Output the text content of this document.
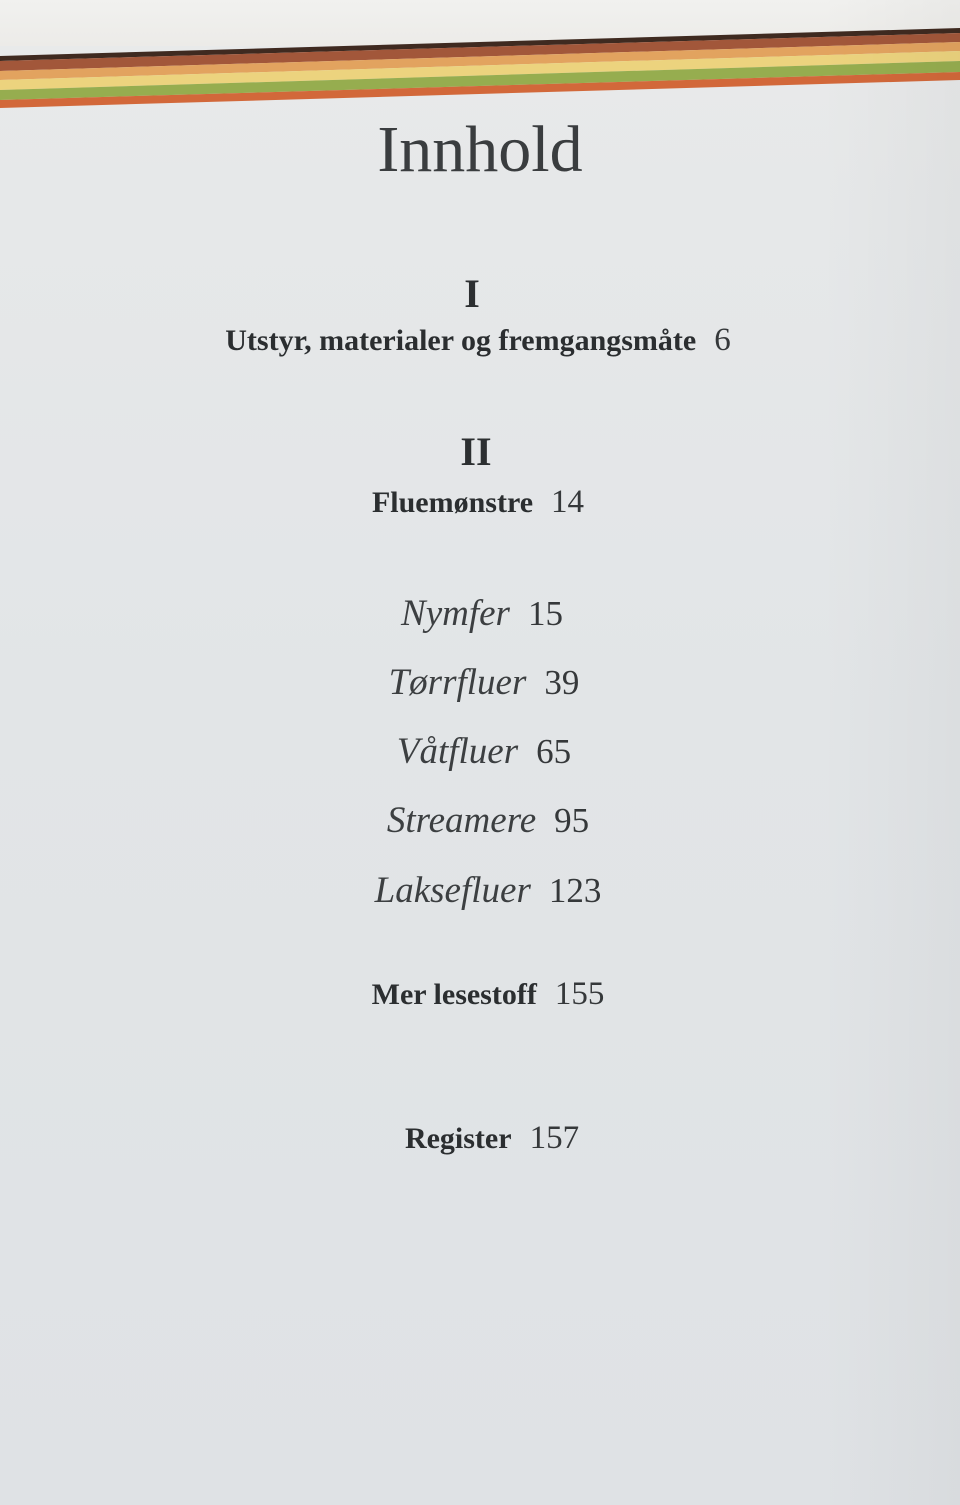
Innhold
I
Utstyr, materialer og fremgangsmåte 6
II
Fluemønstre 14
Nymfer 15
Tørrfluer 39
Våtfluer 65
Streamere 95
Laksefluer 123
Mer lesestoff 155
Register 157
